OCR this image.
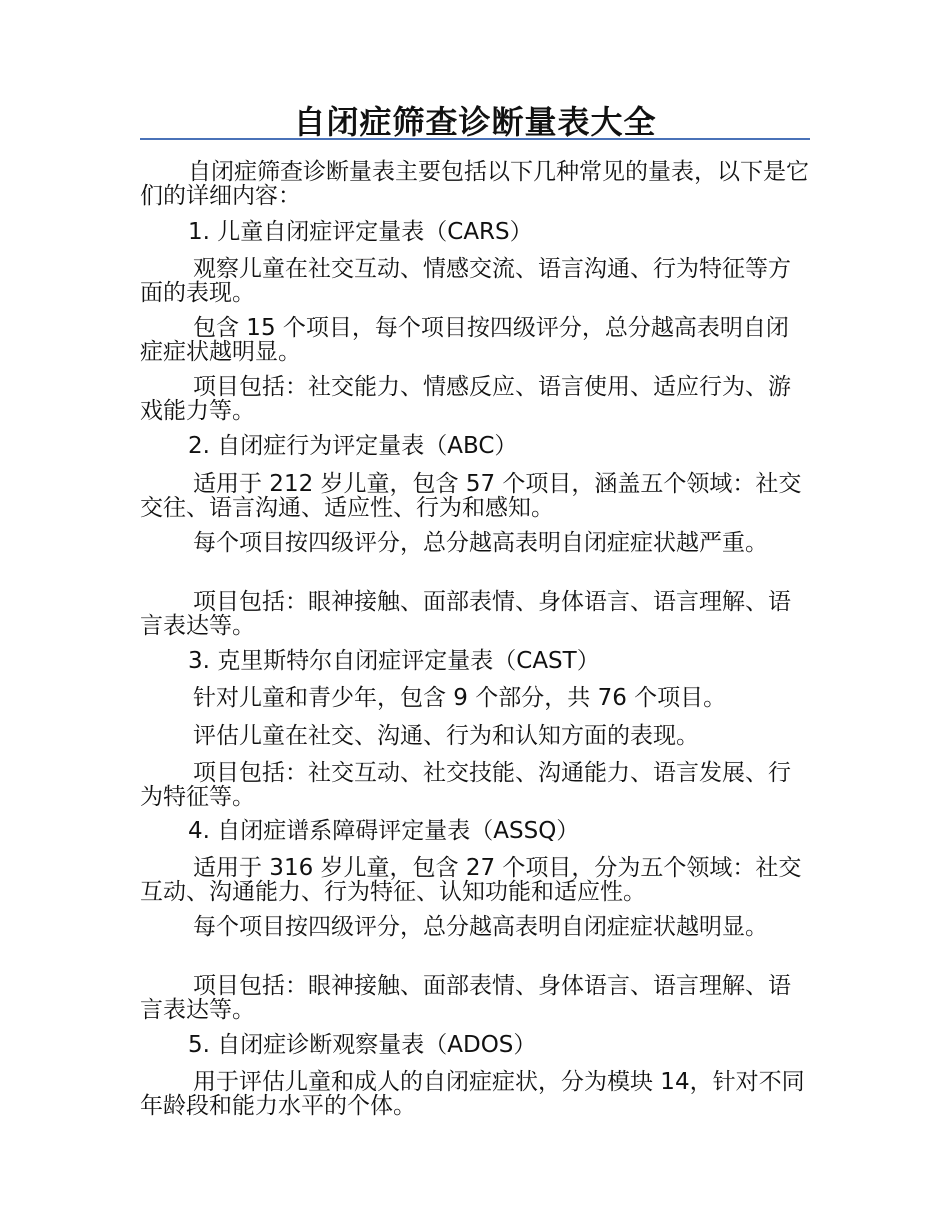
自闭症筛查诊断量表大全

自闭症筛查诊断量表主要包括以下几种常见的量表，以下是它们的详细内容：

1. 儿童自闭症评定量表（CARS）

观察儿童在社交互动、情感交流、语言沟通、行为特征等方面的表现。

包含 15 个项目，每个项目按四级评分，总分越高表明自闭症症状越明显。

项目包括：社交能力、情感反应、语言使用、适应行为、游戏能力等。

2. 自闭症行为评定量表（ABC）

适用于 212 岁儿童，包含 57 个项目，涵盖五个领域：社交交往、语言沟通、适应性、行为和感知。

每个项目按四级评分，总分越高表明自闭症症状越严重。

项目包括：眼神接触、面部表情、身体语言、语言理解、语言表达等。

3. 克里斯特尔自闭症评定量表（CAST）

针对儿童和青少年，包含 9 个部分，共 76 个项目。

评估儿童在社交、沟通、行为和认知方面的表现。

项目包括：社交互动、社交技能、沟通能力、语言发展、行为特征等。

4. 自闭症谱系障碍评定量表（ASSQ）

适用于 316 岁儿童，包含 27 个项目，分为五个领域：社交互动、沟通能力、行为特征、认知功能和适应性。

每个项目按四级评分，总分越高表明自闭症症状越明显。

项目包括：眼神接触、面部表情、身体语言、语言理解、语言表达等。

5. 自闭症诊断观察量表（ADOS）

用于评估儿童和成人的自闭症症状，分为模块 14，针对不同年龄段和能力水平的个体。
